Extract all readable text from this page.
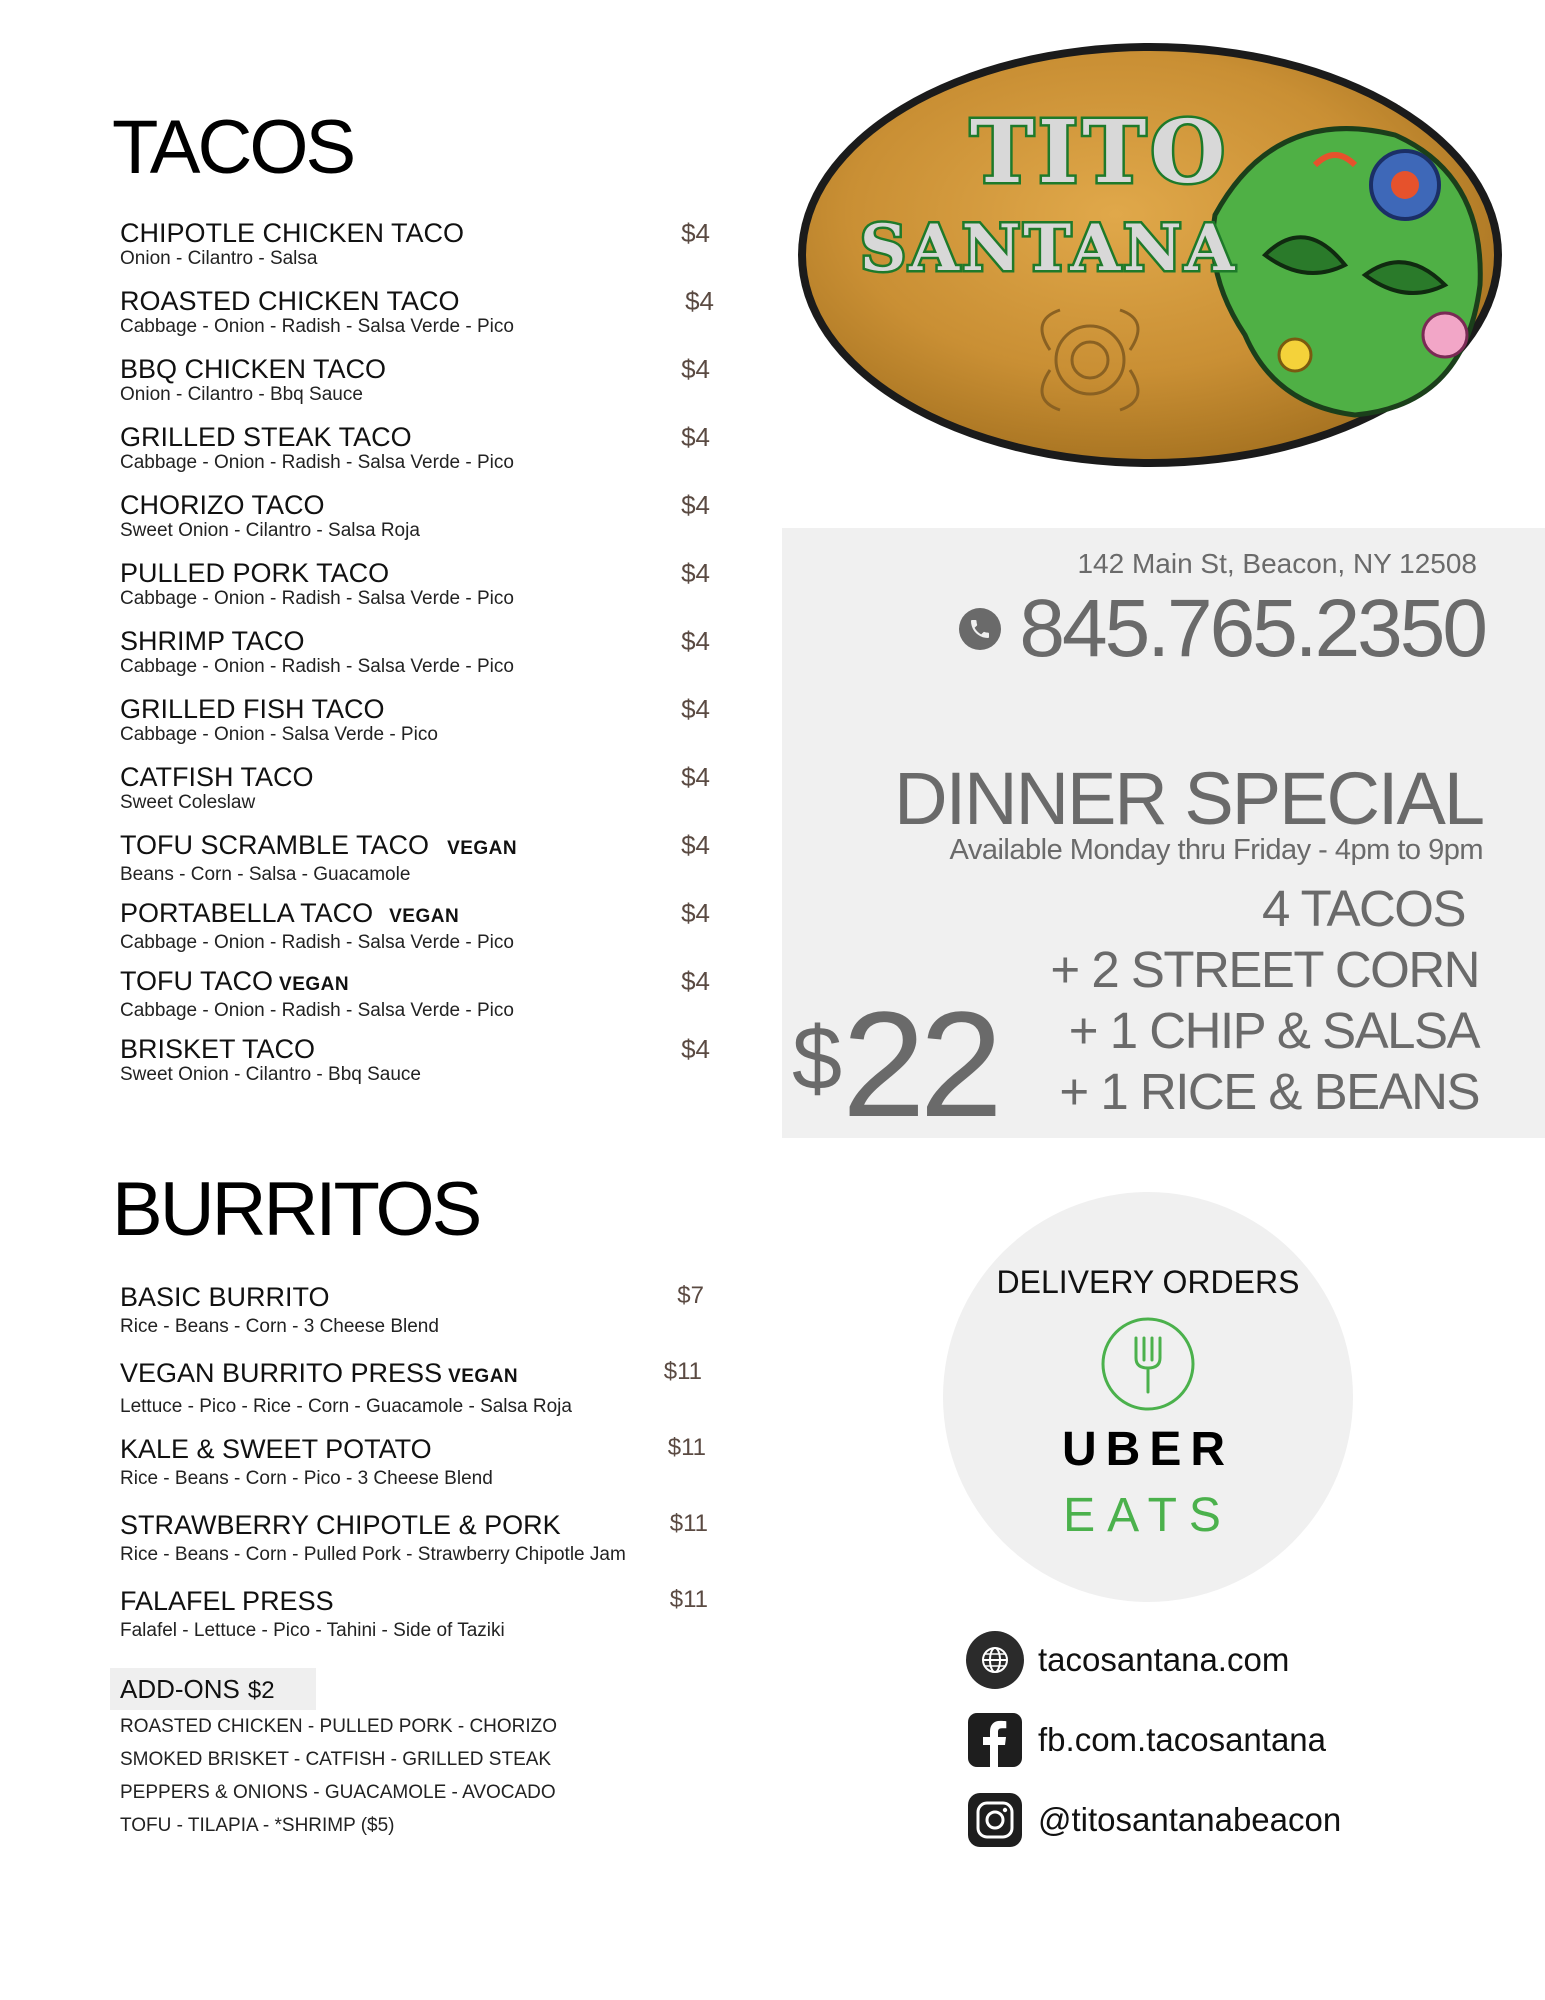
TACOS
CHIPOTLE CHICKEN TACO
Onion - Cilantro - Salsa
$4
ROASTED CHICKEN TACO
Cabbage - Onion - Radish - Salsa Verde - Pico
$4
BBQ CHICKEN TACO
Onion - Cilantro - Bbq Sauce
$4
GRILLED STEAK TACO
Cabbage - Onion - Radish - Salsa Verde - Pico
$4
CHORIZO TACO
Sweet Onion - Cilantro - Salsa Roja
$4
PULLED PORK TACO
Cabbage - Onion - Radish - Salsa Verde - Pico
$4
SHRIMP TACO
Cabbage - Onion - Radish - Salsa Verde - Pico
$4
GRILLED FISH TACO
Cabbage - Onion - Salsa Verde - Pico
$4
CATFISH TACO
Sweet Coleslaw
$4
TOFU SCRAMBLE TACO VEGAN
Beans - Corn - Salsa - Guacamole
$4
PORTABELLA TACO VEGAN
Cabbage - Onion - Radish - Salsa Verde - Pico
$4
TOFU TACO VEGAN
Cabbage - Onion - Radish - Salsa Verde - Pico
$4
BRISKET TACO
Sweet Onion - Cilantro - Bbq Sauce
$4
BURRITOS
BASIC BURRITO
Rice - Beans - Corn - 3 Cheese Blend
$7
VEGAN BURRITO PRESS VEGAN
Lettuce - Pico - Rice - Corn - Guacamole - Salsa Roja
$11
KALE & SWEET POTATO
Rice - Beans - Corn - Pico - 3 Cheese Blend
$11
STRAWBERRY CHIPOTLE & PORK
Rice - Beans - Corn - Pulled Pork - Strawberry Chipotle Jam
$11
FALAFEL PRESS
Falafel - Lettuce - Pico - Tahini - Side of Taziki
$11
ADD-ONS $2
ROASTED CHICKEN - PULLED PORK - CHORIZO
SMOKED BRISKET - CATFISH - GRILLED STEAK
PEPPERS & ONIONS - GUACAMOLE - AVOCADO
TOFU - TILAPIA - *SHRIMP ($5)
TITO
SANTANA
142 Main St, Beacon, NY 12508
845.765.2350
DINNER SPECIAL
Available Monday thru Friday - 4pm to 9pm
4 TACOS
+ 2 STREET CORN
+ 1 CHIP & SALSA
+ 1 RICE & BEANS
$22
DELIVERY ORDERS
UBER
EATS
tacosantana.com
fb.com.tacosantana
@titosantanabeacon
